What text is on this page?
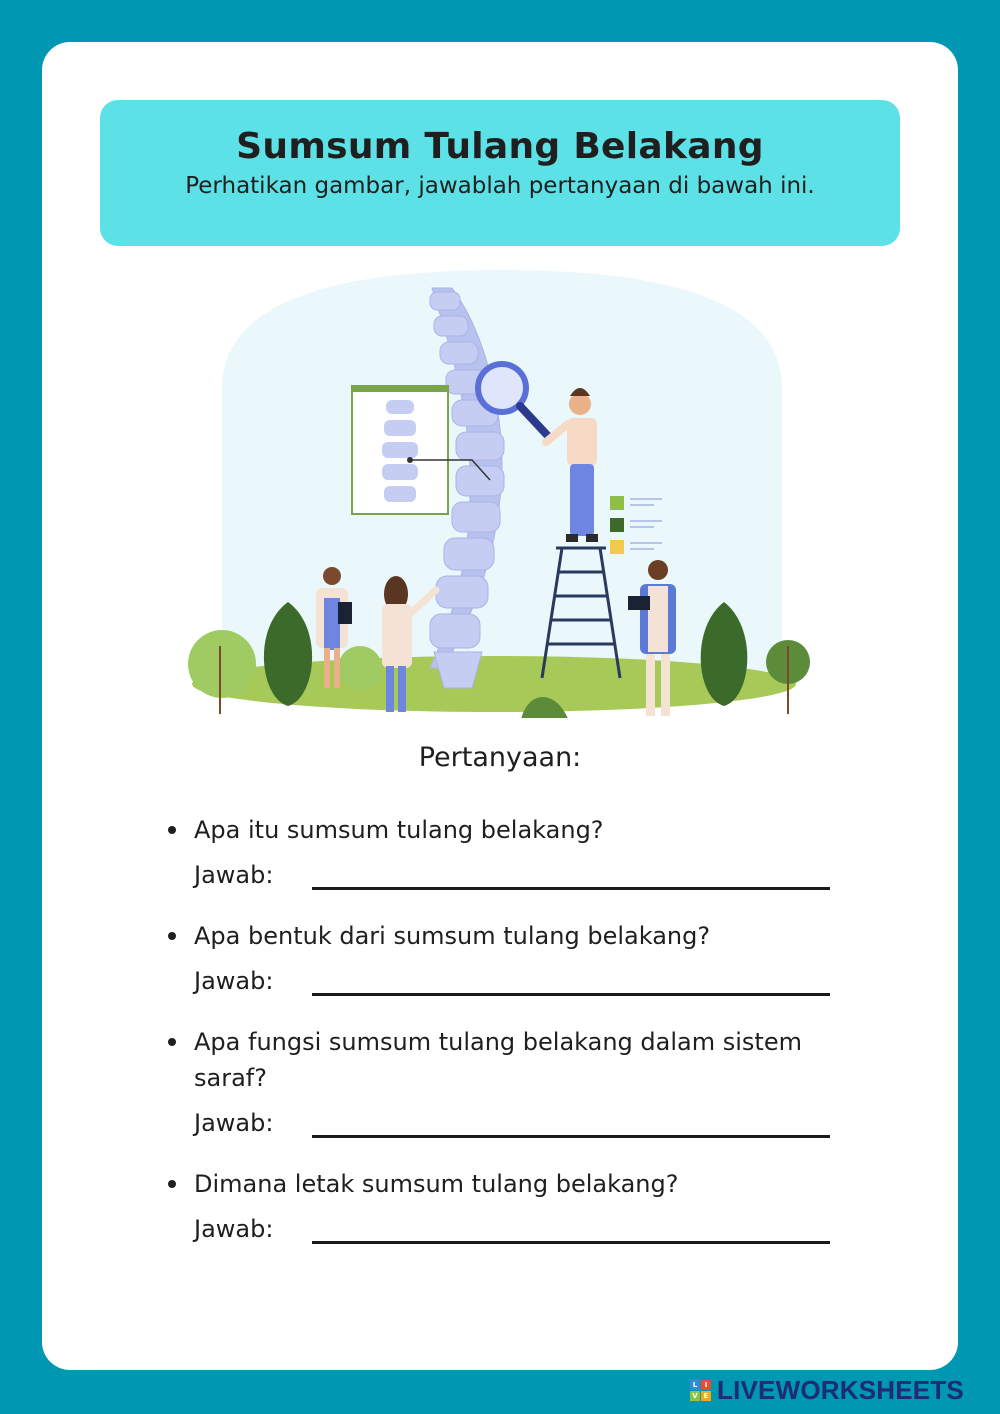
Sumsum Tulang Belakang
Perhatikan gambar, jawablah pertanyaan di bawah ini.
Pertanyaan:
Apa itu sumsum tulang belakang?
Jawab:
Apa bentuk dari sumsum tulang belakang?
Jawab:
Apa fungsi sumsum tulang belakang dalam sistem saraf?
Jawab:
Dimana letak sumsum tulang belakang?
Jawab:
L	I
V E LIVEWORKSHEETS
